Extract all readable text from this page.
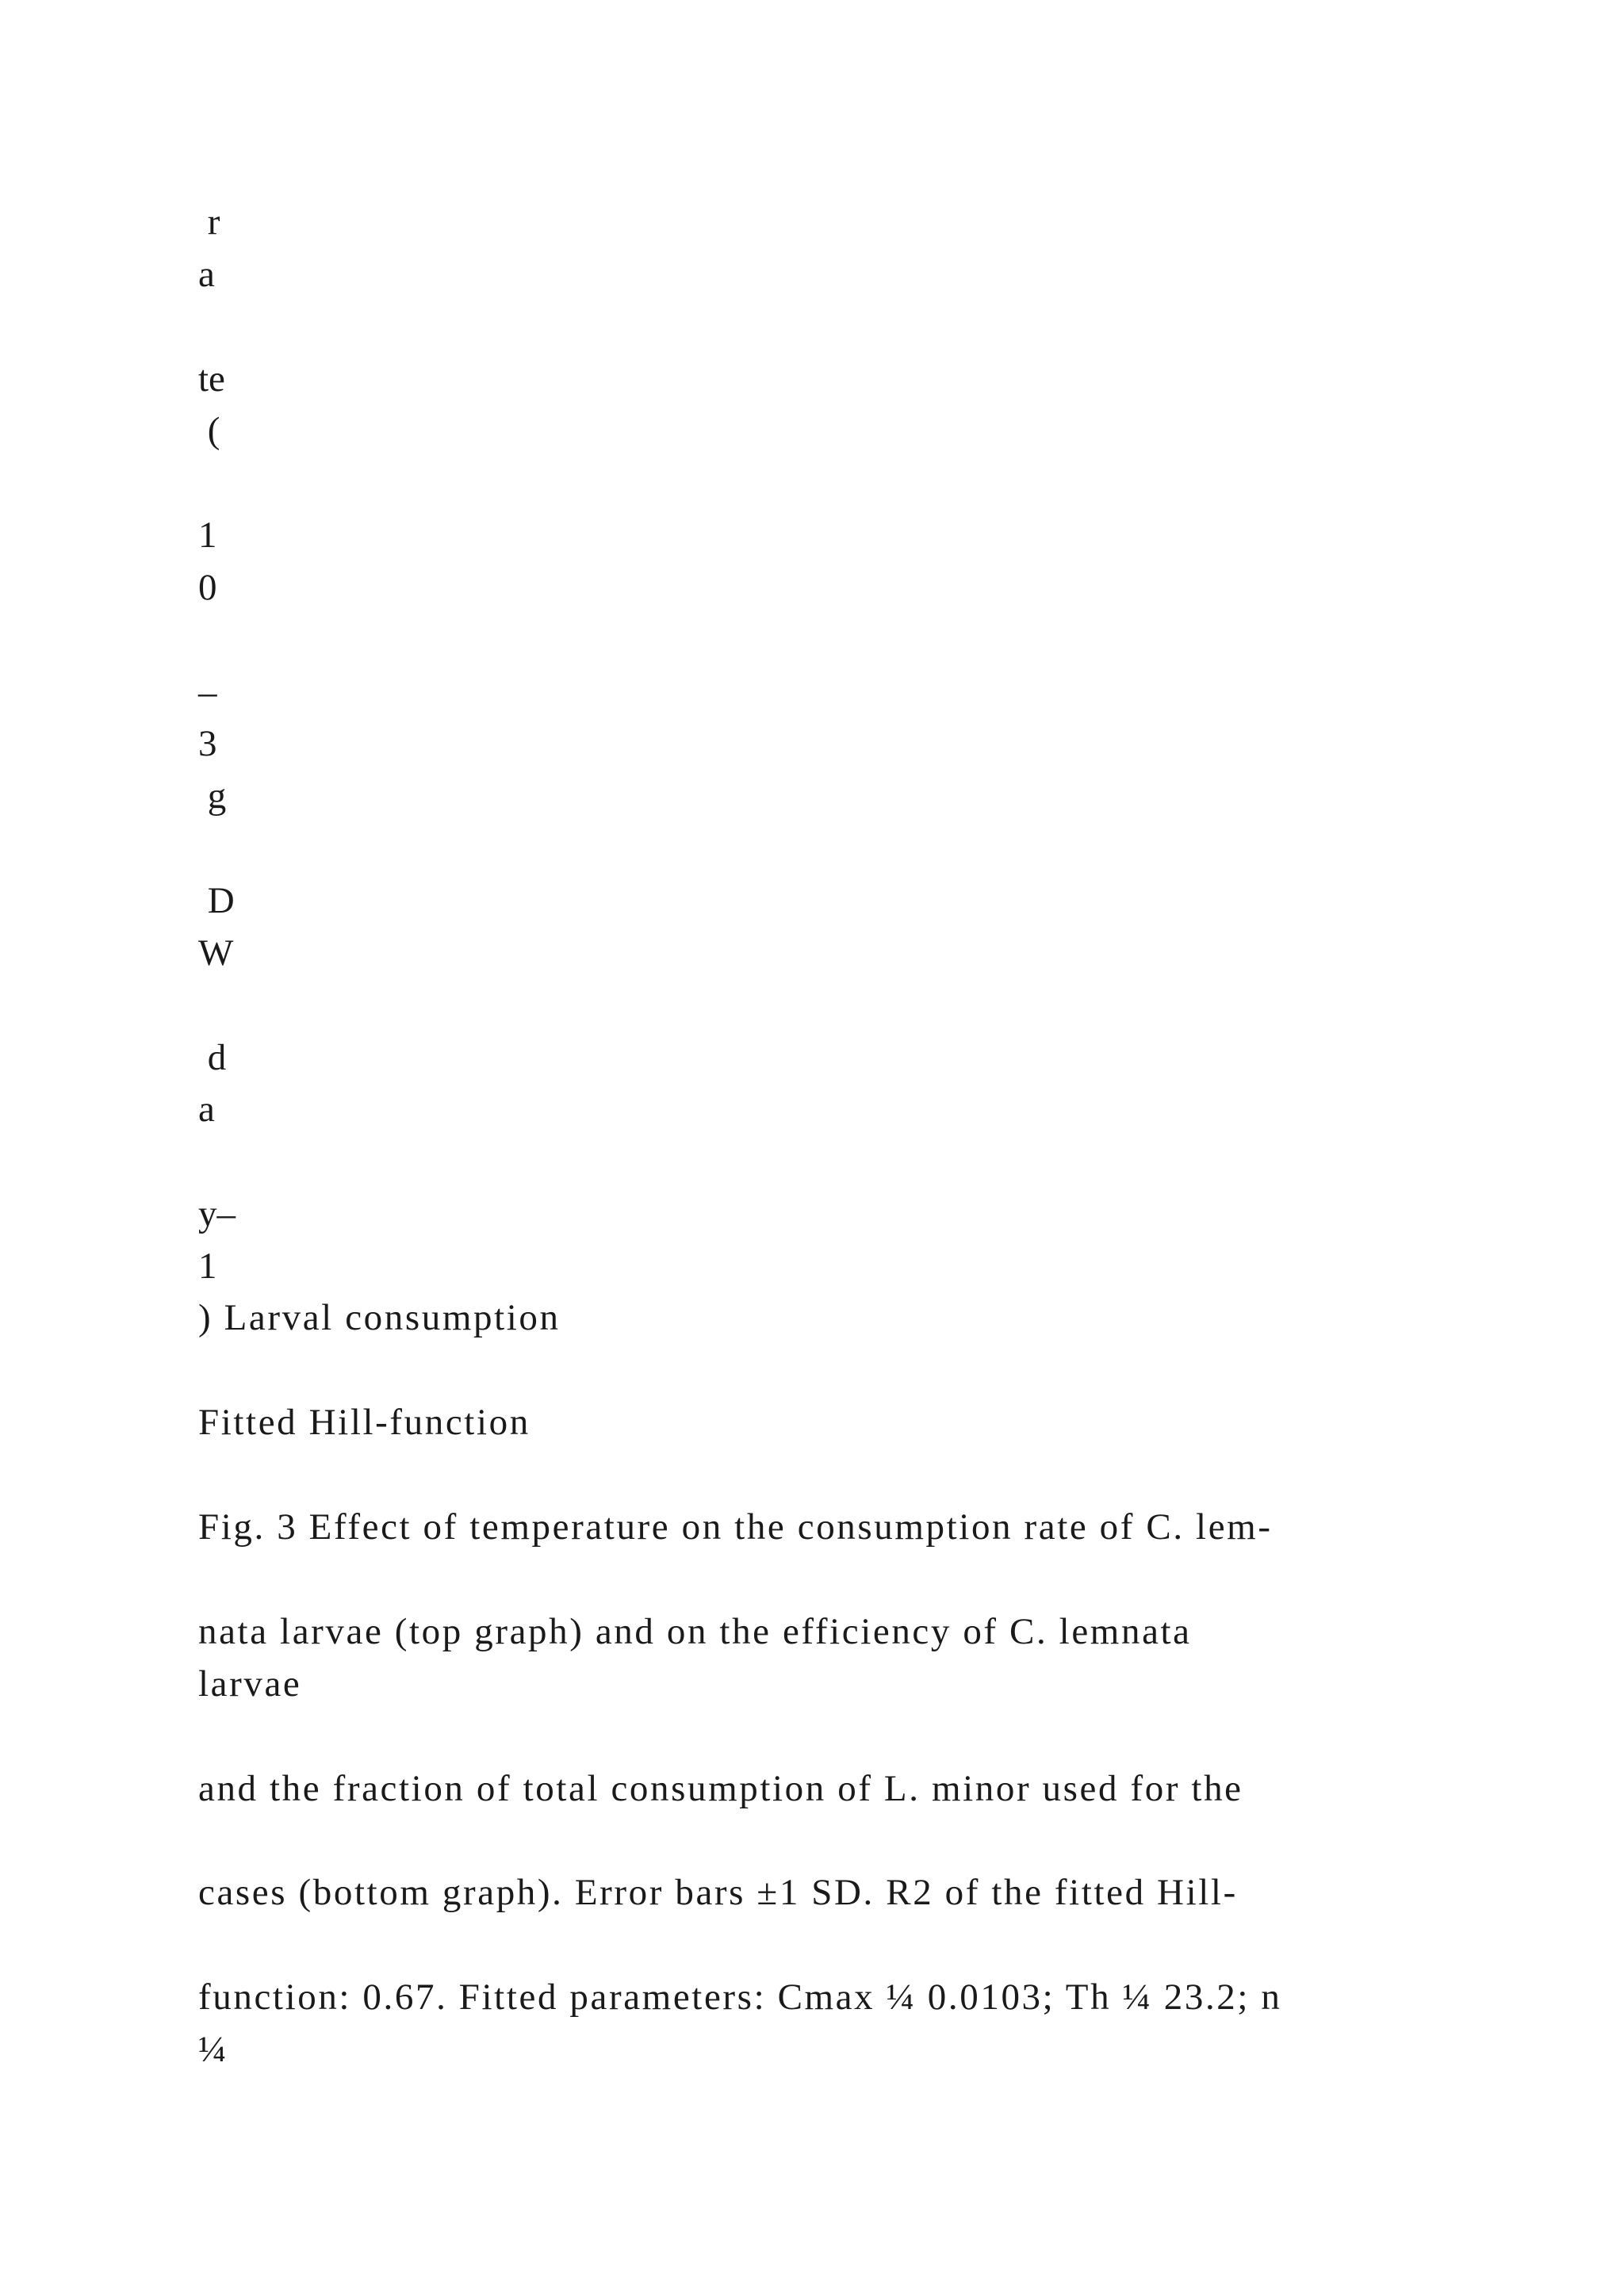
r
a
te
(
1
0
–
3
g
D
W
d
a
y–
1
) Larval consumption
Fitted Hill-function
Fig. 3 Effect of temperature on the consumption rate of C. lem-
nata larvae (top graph) and on the efficiency of C. lemnata
larvae
and the fraction of total consumption of L. minor used for the
cases (bottom graph). Error bars ±1 SD. R2 of the fitted Hill-
function: 0.67. Fitted parameters: Cmax ¼ 0.0103; Th ¼ 23.2; n
¼
